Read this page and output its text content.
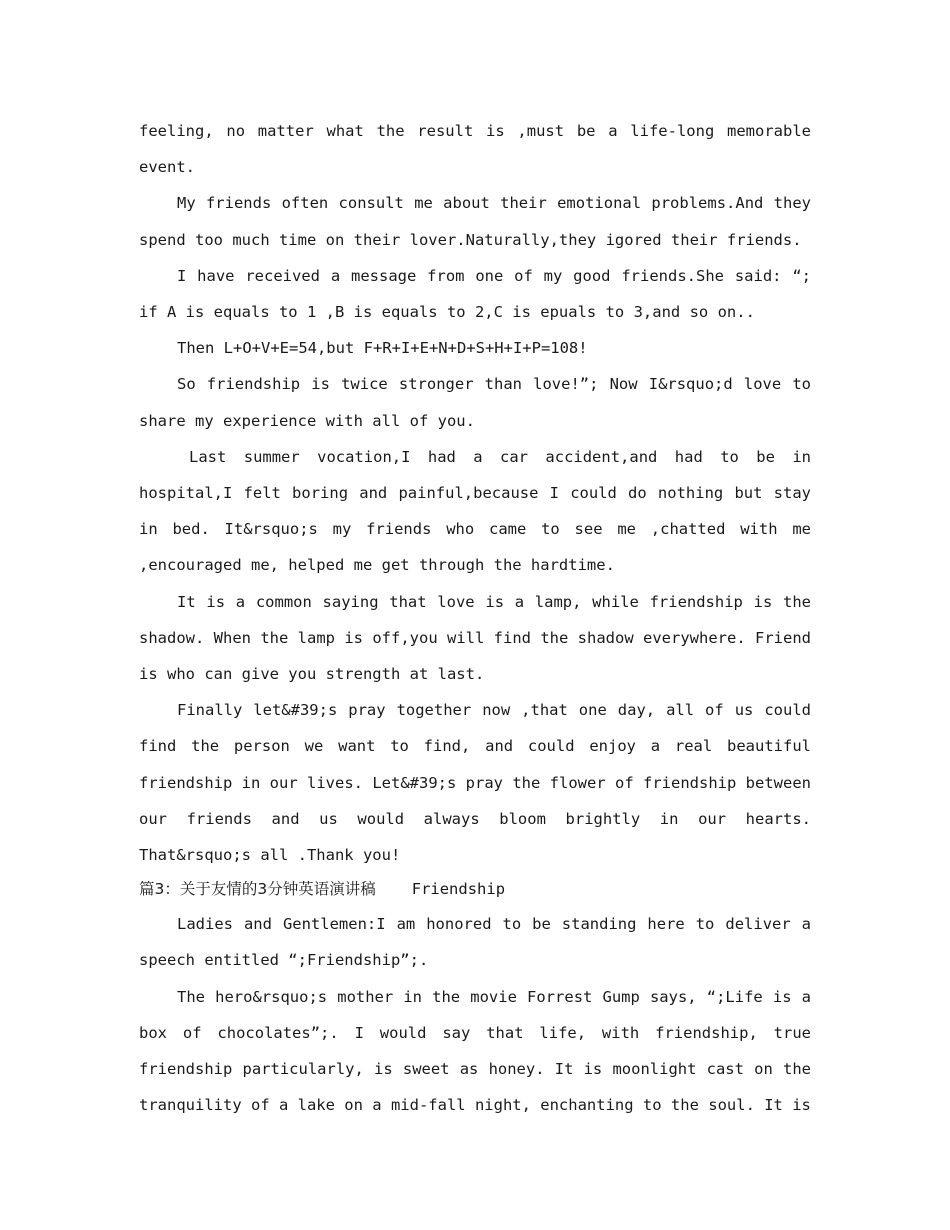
feeling, no matter what the result is ,must be a life-long memorable event.

My friends often consult me about their emotional problems.And they spend too much time on their lover.Naturally,they igored their friends.

I have received a message from one of my good friends.She said: “; if A is equals to 1 ,B is equals to 2,C is epuals to 3,and so on..

Then L+O+V+E=54,but F+R+I+E+N+D+S+H+I+P=108!

So friendship is twice stronger than love!”; Now I&rsquo;d love to share my experience with all of you.

Last summer vocation,I had a car accident,and had to be in hospital,I felt boring and painful,because I could do nothing but stay in bed. It&rsquo;s my friends who came to see me ,chatted with me ,encouraged me, helped me get through the hardtime.

It is a common saying that love is a lamp, while friendship is the shadow. When the lamp is off,you will find the shadow everywhere. Friend is who can give you strength at last.

Finally let&#39;s pray together now ,that one day, all of us could find the person we want to find, and could enjoy a real beautiful friendship in our lives. Let&#39;s pray the flower of friendship between our friends and us would always bloom brightly in our hearts. That&rsquo;s all .Thank you!

篇3：关于友情的3分钟英语演讲稿 Friendship

Ladies and Gentlemen:I am honored to be standing here to deliver a speech entitled “;Friendship”;.

The hero&rsquo;s mother in the movie Forrest Gump says, “;Life is a box of chocolates”;. I would say that life, with friendship, true friendship particularly, is sweet as honey. It is moonlight cast on the tranquility of a lake on a mid-fall night, enchanting to the soul. It is
